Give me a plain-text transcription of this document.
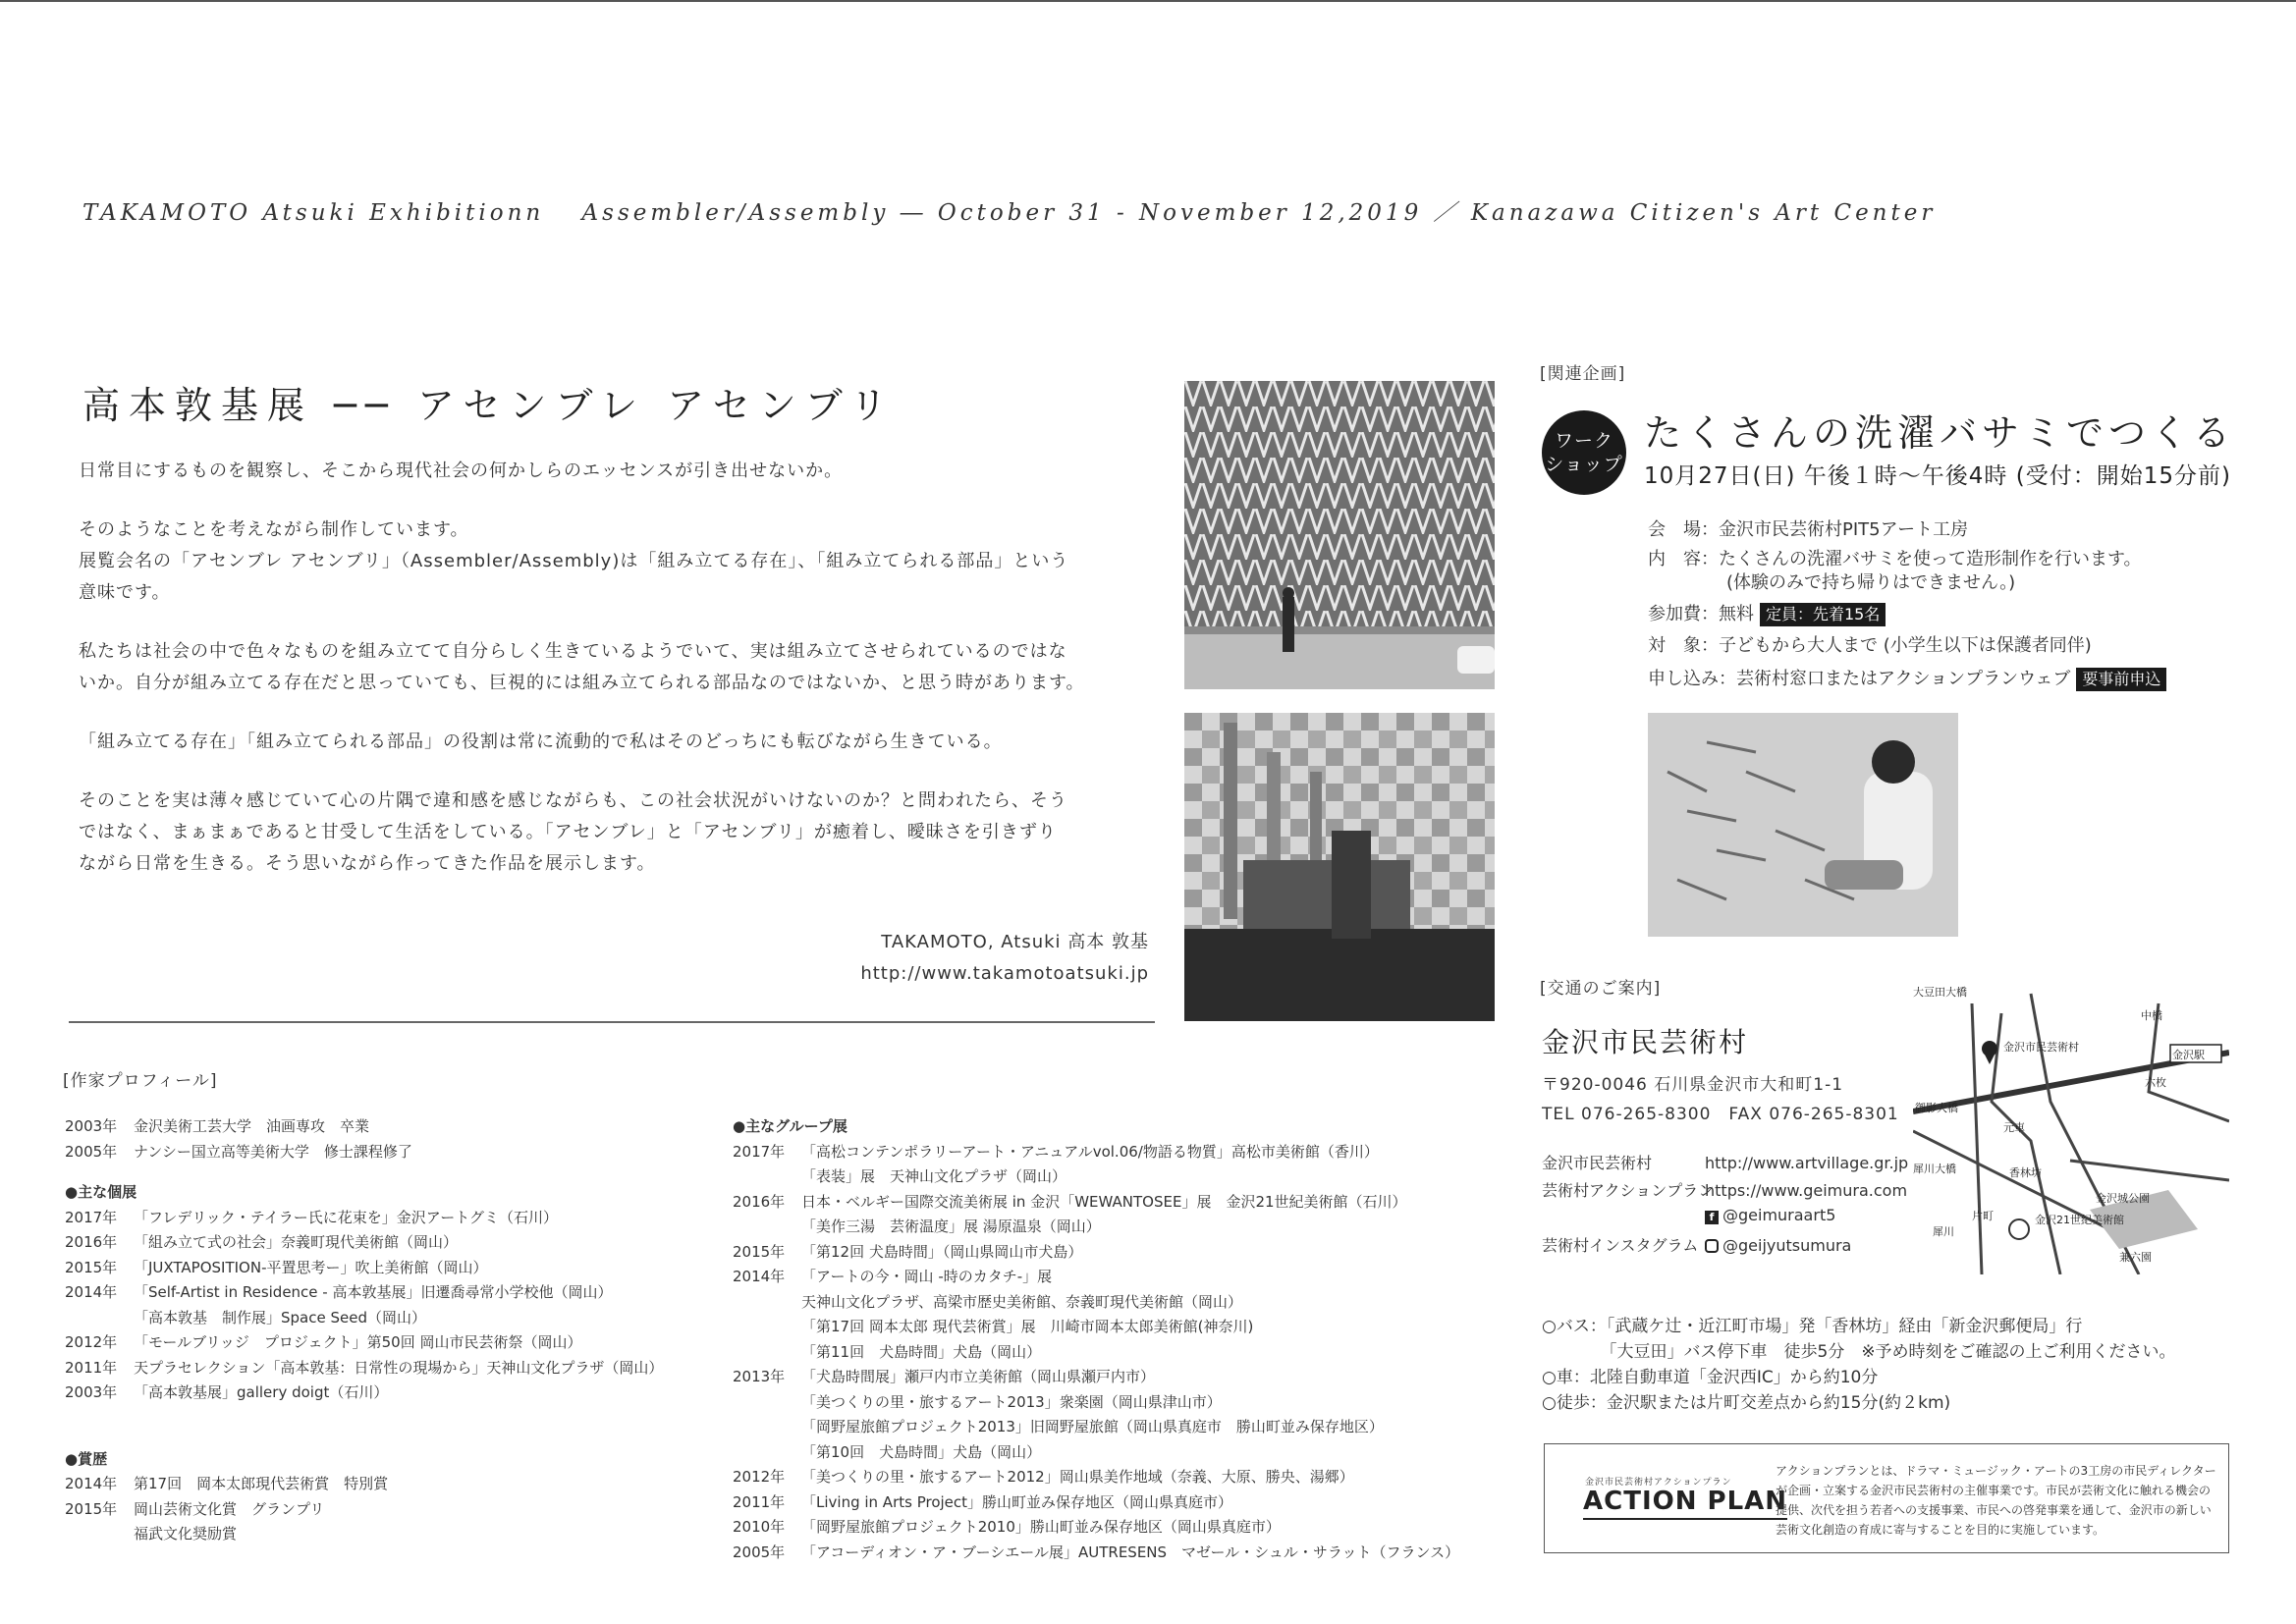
TAKAMOTO Atsuki Exhibitionn　 Assembler/Assembly ― October 31 - November 12,2019 ／ Kanazawa Citizen's Art Center
高本敦基展 ── アセンブレ アセンブリ
日常目にするものを観察し、そこから現代社会の何かしらのエッセンスが引き出せないか。
そのようなことを考えながら制作しています。
展覧会名の「アセンブレ アセンブリ」（Assembler/Assembly)は「組み立てる存在」、「組み立てられる部品」という
意味です。
私たちは社会の中で色々なものを組み立てて自分らしく生きているようでいて、実は組み立てさせられているのではな
いか。自分が組み立てる存在だと思っていても、巨視的には組み立てられる部品なのではないか、と思う時があります。
「組み立てる存在」「組み立てられる部品」の役割は常に流動的で私はそのどっちにも転びながら生きている。
そのことを実は薄々感じていて心の片隅で違和感を感じながらも、この社会状況がいけないのか？と問われたら、そう
ではなく、まぁまぁであると甘受して生活をしている。「アセンブレ」と「アセンブリ」が癒着し、曖昧さを引きずり
ながら日常を生きる。そう思いながら作ってきた作品を展示します。
TAKAMOTO, Atsuki 高本 敦基
http://www.takamotoatsuki.jp
[作家プロフィール]
2003年	金沢美術工芸大学　油画専攻　卒業
2005年	ナンシー国立高等美術大学　修士課程修了
●主な個展
2017年	「フレデリック・テイラー氏に花束を」金沢アートグミ（石川）
2016年	「組み立て式の社会」奈義町現代美術館（岡山）
2015年	「JUXTAPOSITION-平置思考ー」吹上美術館（岡山）
2014年	「Self-Artist in Residence - 高本敦基展」旧遷喬尋常小学校他（岡山）
「高本敦基　制作展」Space Seed（岡山）
2012年	「モールブリッジ　プロジェクト」第50回 岡山市民芸術祭（岡山）
2011年	天プラセレクション「高本敦基：日常性の現場から」天神山文化プラザ（岡山）
2003年	「高本敦基展」gallery doigt（石川）
●賞歴
2014年	第17回　岡本太郎現代芸術賞　特別賞
2015年	岡山芸術文化賞　グランプリ
福武文化奨励賞
●主なグループ展
2017年	「高松コンテンポラリーアート・アニュアルvol.06/物語る物質」高松市美術館（香川）
「表装」展　天神山文化プラザ（岡山）
2016年	日本・ベルギー国際交流美術展 in 金沢「WEWANTOSEE」展　金沢21世紀美術館（石川）
「美作三湯　芸術温度」展 湯原温泉（岡山）
2015年	「第12回 犬島時間」（岡山県岡山市犬島）
2014年	「アートの今・岡山 -時のカタチ-」展
天神山文化プラザ、高梁市歴史美術館、奈義町現代美術館（岡山）
「第17回 岡本太郎 現代芸術賞」展　川崎市岡本太郎美術館(神奈川)
「第11回　犬島時間」犬島（岡山）
2013年	「犬島時間展」瀬戸内市立美術館（岡山県瀬戸内市）
「美つくりの里・旅するアート2013」衆楽園（岡山県津山市）
「岡野屋旅館プロジェクト2013」旧岡野屋旅館（岡山県真庭市　勝山町並み保存地区）
「第10回　犬島時間」犬島（岡山）
2012年	「美つくりの里・旅するアート2012」岡山県美作地域（奈義、大原、勝央、湯郷）
2011年	「Living in Arts Project」勝山町並み保存地区（岡山県真庭市）
2010年	「岡野屋旅館プロジェクト2010」勝山町並み保存地区（岡山県真庭市）
2005年	「アコーディオン・ア・ブーシエール展」AUTRESENS　マゼール・シュル・サラット（フランス）
[関連企画]
ワーク
ショップ
たくさんの洗濯バサミでつくる
10月27日(日) 午後１時〜午後4時 (受付：開始15分前)
会　場：金沢市民芸術村PIT5アート工房
内　容：たくさんの洗濯バサミを使って造形制作を行います。
(体験のみで持ち帰りはできません。)
参加費：無料 定員：先着15名
対　象：子どもから大人まで (小学生以下は保護者同伴)
申し込み：芸術村窓口またはアクションプランウェブ 要事前申込
[交通のご案内]
金沢市民芸術村
〒920-0046 石川県金沢市大和町1-1
TEL 076-265-8300　FAX 076-265-8301
金沢市民芸術村	http://www.artvillage.gr.jp
芸術村アクションプランhttps://www.geimura.com
f @geimuraart5
芸術村インスタグラム @geijyutsumura
大豆田大橋
中橋
金沢市民芸術村
金沢駅
六枚
御影大橋
元車
犀川大橋	香林坊
金沢城公園
片町	金沢21世紀美術館
兼六園
犀川
○バス：「武蔵ケ辻・近江町市場」発「香林坊」経由「新金沢郵便局」行
　　　　「大豆田」バス停下車　徒歩5分　※予め時刻をご確認の上ご利用ください。
○車：北陸自動車道「金沢西IC」から約10分
○徒歩：金沢駅または片町交差点から約15分(約２km)
金沢市民芸術村アクションプラン
ACTION PLAN
アクションプランとは、ドラマ・ミュージック・アートの3工房の市民ディレクターが企画・立案する金沢市民芸術村の主催事業です。市民が芸術文化に触れる機会の提供、次代を担う若者への支援事業、市民への啓発事業を通して、金沢市の新しい芸術文化創造の育成に寄与することを目的に実施しています。
